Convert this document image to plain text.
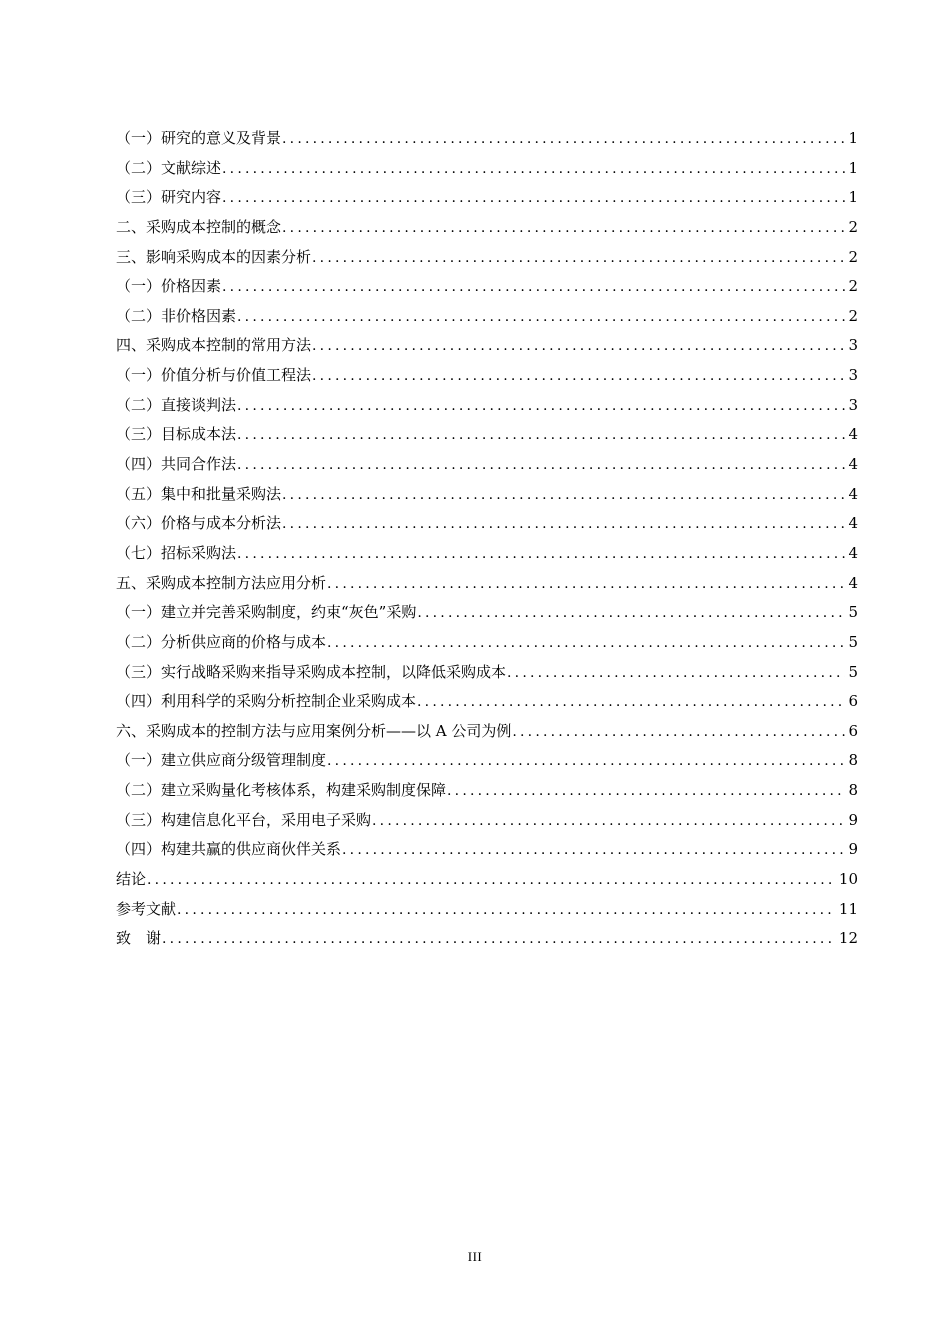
（一）研究的意义及背景 .....	1
（二）文献综述 .....	1
（三）研究内容 .....	1
二、采购成本控制的概念 .....	2
三、影响采购成本的因素分析 .....	2
（一）价格因素 .....	2
（二）非价格因素 .....	2
四、采购成本控制的常用方法 .....	3
（一）价值分析与价值工程法 .....	3
（二）直接谈判法 .....	3
（三）目标成本法 .....	4
（四）共同合作法 .....	4
（五）集中和批量采购法 .....	4
（六）价格与成本分析法 .....	4
（七）招标采购法 .....	4
五、采购成本控制方法应用分析 .....	4
（一）建立并完善采购制度，约束“灰色”采购 .....	5
（二）分析供应商的价格与成本 .....	5
（三）实行战略采购来指导采购成本控制，以降低采购成本 .....	5
（四）利用科学的采购分析控制企业采购成本 .....	6
六、采购成本的控制方法与应用案例分析——以 A 公司为例 .....	6
（一）建立供应商分级管理制度 .....	8
（二）建立采购量化考核体系，构建采购制度保障 .....	8
（三）构建信息化平台，采用电子采购 .....	9
（四）构建共赢的供应商伙伴关系 .....	9
结论 .....	10
参考文献 .....	11
致　谢 .....	12
III
